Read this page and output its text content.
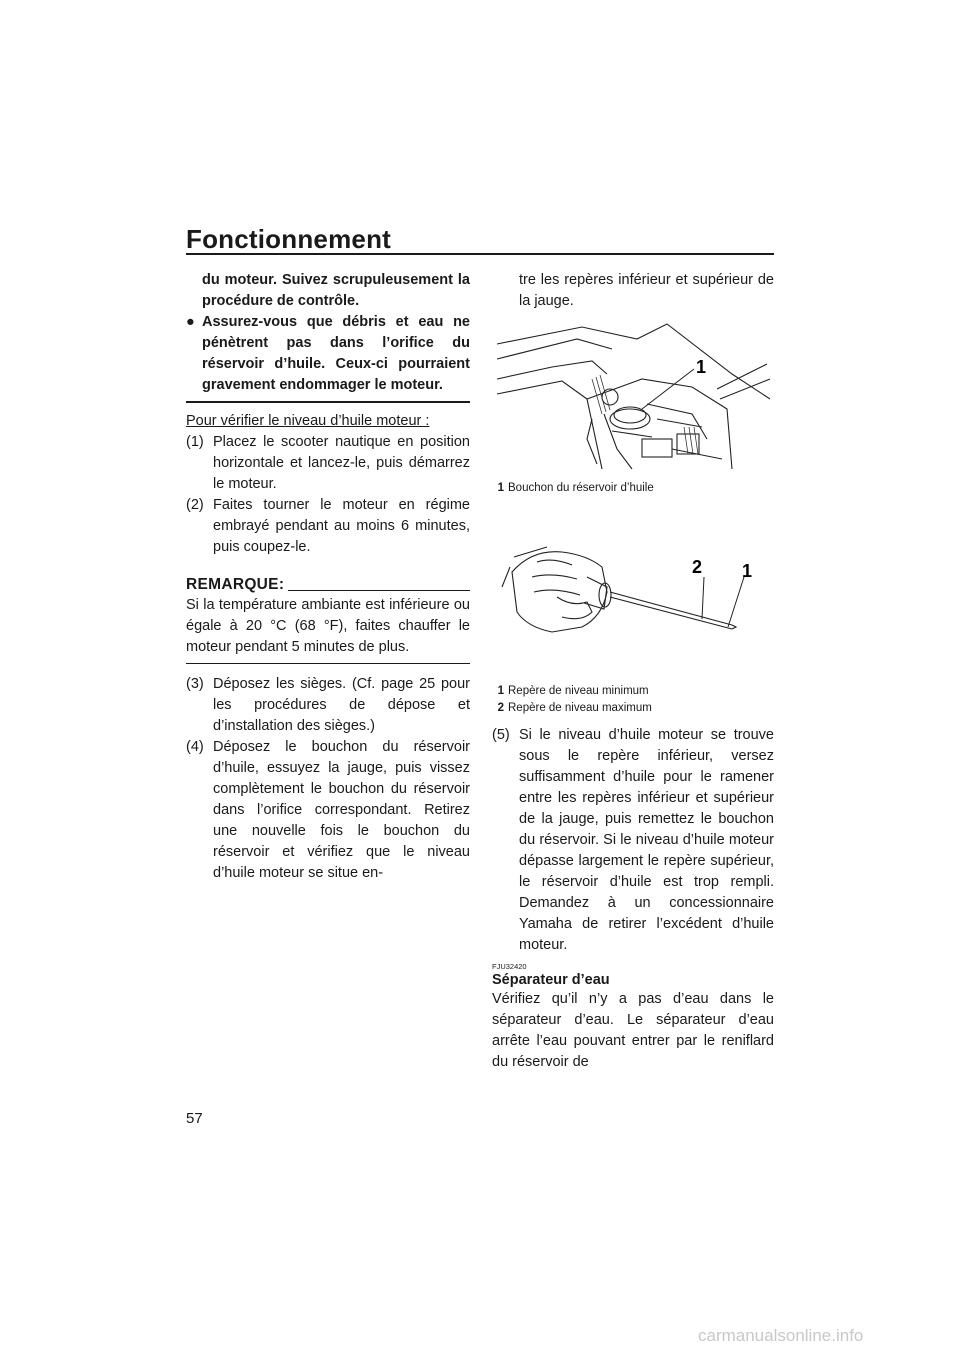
Fonctionnement

du moteur. Suivez scrupuleusement la procédure de contrôle.

● Assurez-vous que débris et eau ne pénètrent pas dans l’orifice du réservoir d’huile. Ceux-ci pourraient gravement endommager le moteur.

Pour vérifier le niveau d’huile moteur :
(1) Placez le scooter nautique en position horizontale et lancez-le, puis démarrez le moteur.

(2) Faites tourner le moteur en régime embrayé pendant au moins 6 minutes, puis coupez-le.

REMARQUE:

Si la température ambiante est inférieure ou égale à 20 °C (68 °F), faites chauffer le moteur pendant 5 minutes de plus.

(3) Déposez les sièges. (Cf. page 25 pour les procédures de dépose et d’installation des sièges.)

(4) Déposez le bouchon du réservoir d’huile, essuyez la jauge, puis vissez complètement le bouchon du réservoir dans l’orifice correspondant. Retirez une nouvelle fois le bouchon du réservoir et vérifiez que le niveau d’huile moteur se situe en-

tre les repères inférieur et supérieur de la jauge.

1
1 Bouchon du réservoir d’huile
2 1
1 Repère de niveau minimum
2 Repère de niveau maximum
(5) Si le niveau d’huile moteur se trouve sous le repère inférieur, versez suffisamment d’huile pour le ramener entre les repères inférieur et supérieur de la jauge, puis remettez le bouchon du réservoir. Si le niveau d’huile moteur dépasse largement le repère supérieur, le réservoir d’huile est trop rempli. Demandez à un concessionnaire Yamaha de retirer l’excédent d’huile moteur.

FJU32420
Séparateur d’eau

Vérifiez qu’il n’y a pas d’eau dans le séparateur d’eau. Le séparateur d’eau arrête l’eau pouvant entrer par le reniflard du réservoir de

57
carmanualsonline.info
